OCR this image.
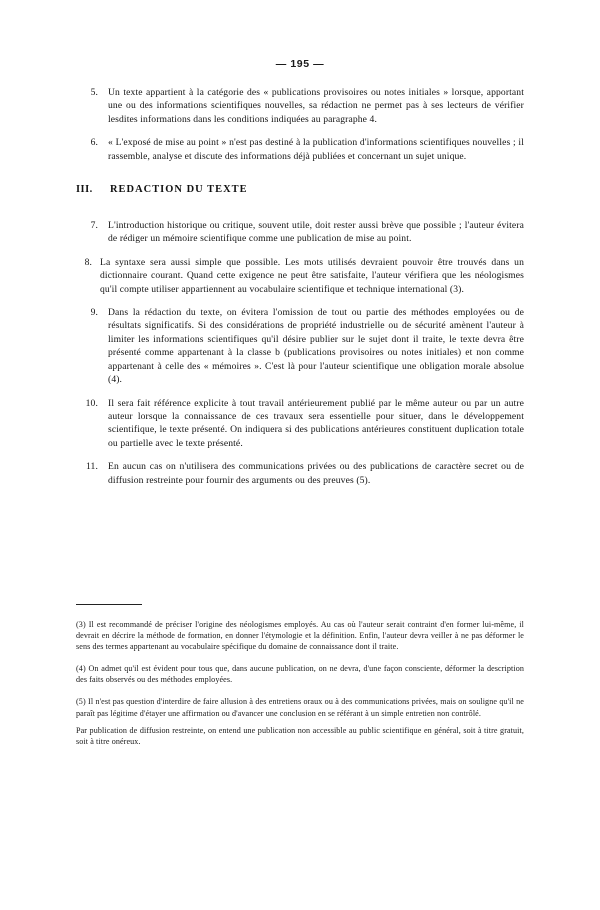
— 195 —
5. Un texte appartient à la catégorie des « publications provisoires ou notes initiales » lorsque, apportant une ou des informations scientifiques nouvelles, sa rédaction ne permet pas à ses lecteurs de vérifier lesdites informations dans les conditions indiquées au paragraphe 4.

6. « L'exposé de mise au point » n'est pas destiné à la publication d'informations scientifiques nouvelles ; il rassemble, analyse et discute des informations déjà publiées et concernant un sujet unique.

III. REDACTION DU TEXTE
7. L'introduction historique ou critique, souvent utile, doit rester aussi brève que possible ; l'auteur évitera de rédiger un mémoire scientifique comme une publication de mise au point.

8. La syntaxe sera aussi simple que possible. Les mots utilisés devraient pouvoir être trouvés dans un dictionnaire courant. Quand cette exigence ne peut être satisfaite, l'auteur vérifiera que les néologismes qu'il compte utiliser appartiennent au vocabulaire scientifique et technique international (3).

9. Dans la rédaction du texte, on évitera l'omission de tout ou partie des méthodes employées ou de résultats significatifs. Si des considérations de propriété industrielle ou de sécurité amènent l'auteur à limiter les informations scientifiques qu'il désire publier sur le sujet dont il traite, le texte devra être présenté comme appartenant à la classe b (publications provisoires ou notes initiales) et non comme appartenant à celle des « mémoires ». C'est là pour l'auteur scientifique une obligation morale absolue (4).

10. Il sera fait référence explicite à tout travail antérieurement publié par le même auteur ou par un autre auteur lorsque la connaissance de ces travaux sera essentielle pour situer, dans le développement scientifique, le texte présenté. On indiquera si des publications antérieures constituent duplication totale ou partielle avec le texte présenté.

11. En aucun cas on n'utilisera des communications privées ou des publications de caractère secret ou de diffusion restreinte pour fournir des arguments ou des preuves (5).

(3) Il est recommandé de préciser l'origine des néologismes employés. Au cas où l'auteur serait contraint d'en former lui-même, il devrait en décrire la méthode de formation, en donner l'étymologie et la définition. Enfin, l'auteur devra veiller à ne pas déformer le sens des termes appartenant au vocabulaire spécifique du domaine de connaissance dont il traite.

(4) On admet qu'il est évident pour tous que, dans aucune publication, on ne devra, d'une façon consciente, déformer la description des faits observés ou des méthodes employées.

(5) Il n'est pas question d'interdire de faire allusion à des entretiens oraux ou à des communications privées, mais on souligne qu'il ne paraît pas légitime d'étayer une affirmation ou d'avancer une conclusion en se référant à un simple entretien non contrôlé.

Par publication de diffusion restreinte, on entend une publication non accessible au public scientifique en général, soit à titre gratuit, soit à titre onéreux.
